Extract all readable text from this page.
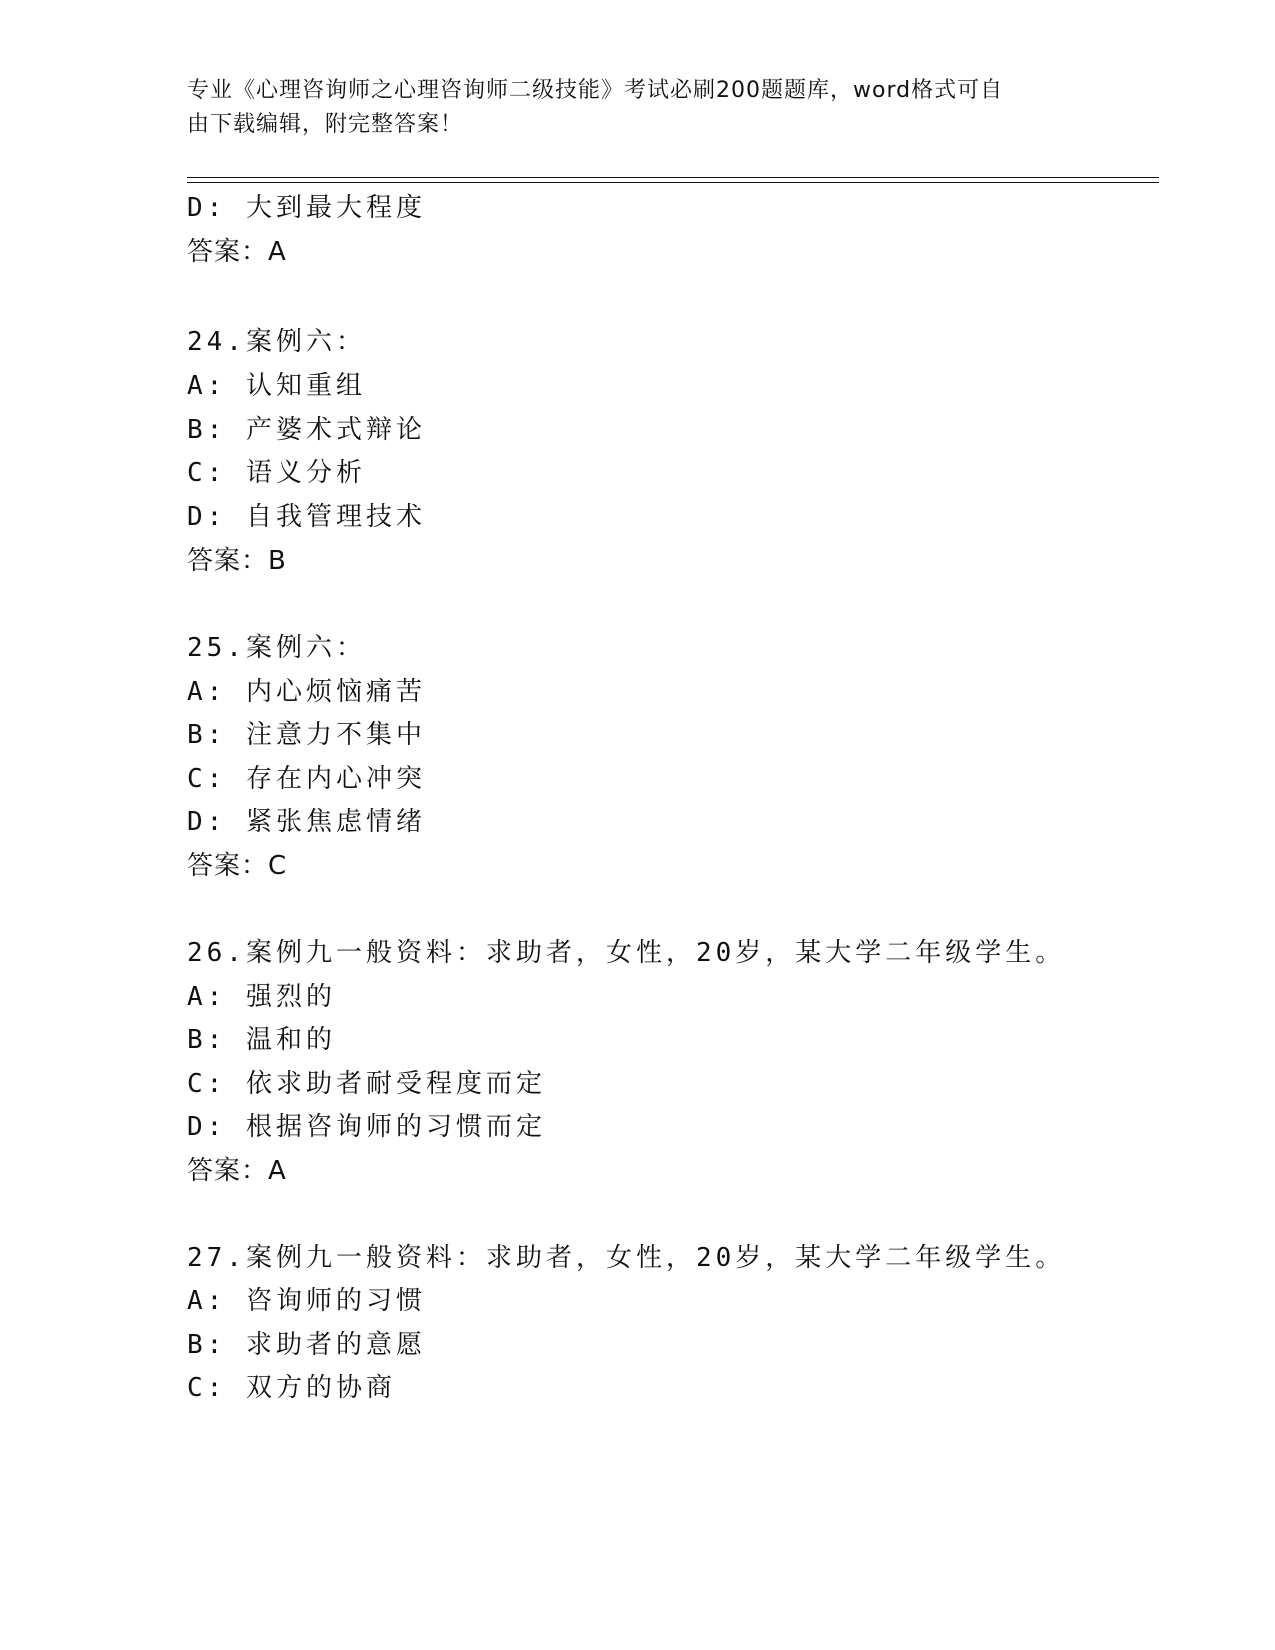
专业《心理咨询师之心理咨询师二级技能》考试必刷200题题库，word格式可自
由下载编辑，附完整答案！
D: 大到最大程度
答案：A
24.案例六：
A: 认知重组
B: 产婆术式辩论
C: 语义分析
D: 自我管理技术
答案：B
25.案例六：
A: 内心烦恼痛苦
B: 注意力不集中
C: 存在内心冲突
D: 紧张焦虑情绪
答案：C
26.案例九一般资料：求助者，女性，20岁，某大学二年级学生。
A: 强烈的
B: 温和的
C: 依求助者耐受程度而定
D: 根据咨询师的习惯而定
答案：A
27.案例九一般资料：求助者，女性，20岁，某大学二年级学生。
A: 咨询师的习惯
B: 求助者的意愿
C: 双方的协商
